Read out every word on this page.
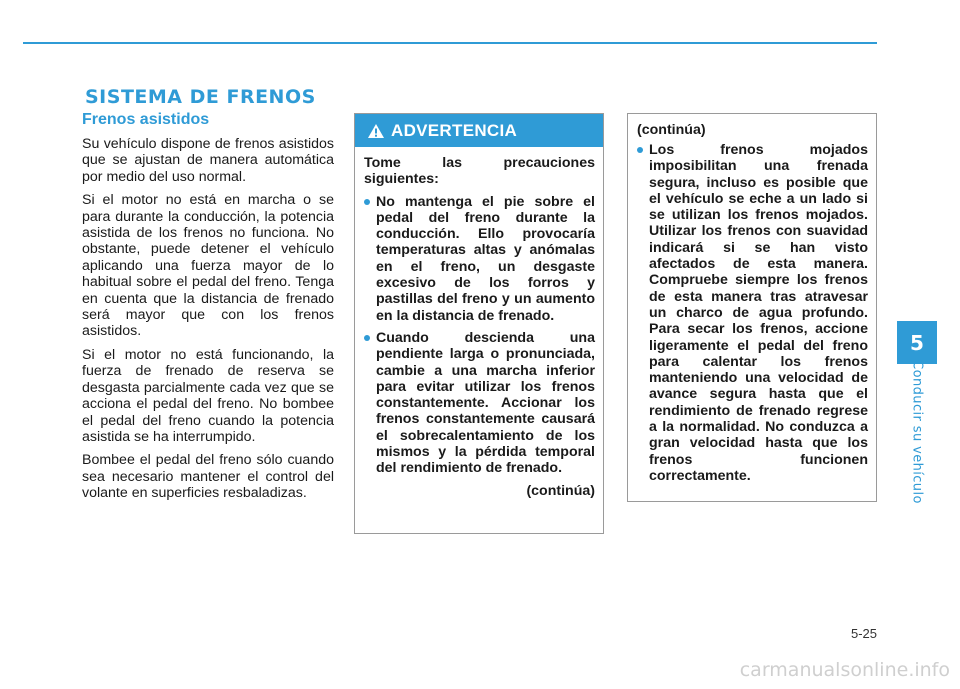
SISTEMA DE FRENOS
Frenos asistidos

Su vehículo dispone de frenos asistidos que se ajustan de manera automática por medio del uso normal.

Si el motor no está en marcha o se para durante la conducción, la potencia asistida de los frenos no funciona. No obstante, puede detener el vehículo aplicando una fuerza mayor de lo habitual sobre el pedal del freno. Tenga en cuenta que la distancia de frenado será mayor que con los frenos asistidos.

Si el motor no está funcionando, la fuerza de frenado de reserva se desgasta parcialmente cada vez que se acciona el pedal del freno. No bombee el pedal del freno cuando la potencia asistida se ha interrumpido.

Bombee el pedal del freno sólo cuando sea necesario mantener el control del volante en superficies resbaladizas.

ADVERTENCIA

Tome las precauciones siguientes:

No mantenga el pie sobre el pedal del freno durante la conducción. Ello provocaría temperaturas altas y anómalas en el freno, un desgaste excesivo de los forros y pastillas del freno y un aumento en la distancia de frenado.
Cuando descienda una pendiente larga o pronunciada, cambie a una marcha inferior para evitar utilizar los frenos constantemente. Accionar los frenos constantemente causará el sobrecalentamiento de los mismos y la pérdida temporal del rendimiento de frenado.
(continúa)

(continúa)

Los frenos mojados imposibilitan una frenada segura, incluso es posible que el vehículo se eche a un lado si se utilizan los frenos mojados. Utilizar los frenos con suavidad indicará si se han visto afectados de esta manera. Compruebe siempre los frenos de esta manera tras atravesar un charco de agua profundo. Para secar los frenos, accione ligeramente el pedal del freno para calentar los frenos manteniendo una velocidad de avance segura hasta que el rendimiento de frenado regrese a la normalidad. No conduzca a gran velocidad hasta que los frenos funcionen correctamente.
5
Conducir su vehículo
5-25
carmanualsonline.info
